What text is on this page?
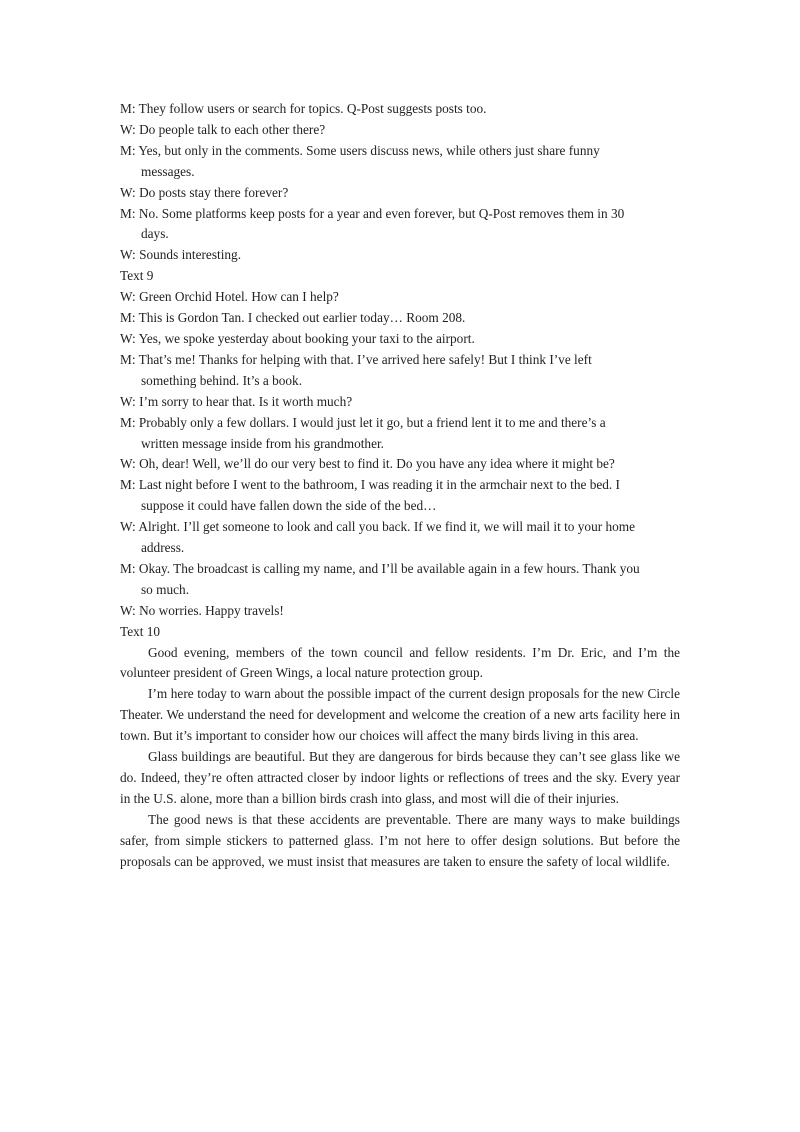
M: They follow users or search for topics. Q-Post suggests posts too.

W: Do people talk to each other there?

M: Yes, but only in the comments. Some users discuss news, while others just share funny
messages.

W: Do posts stay there forever?

M: No. Some platforms keep posts for a year and even forever, but Q-Post removes them in 30
days.

W: Sounds interesting.

Text 9

W: Green Orchid Hotel. How can I help?

M: This is Gordon Tan. I checked out earlier today… Room 208.

W: Yes, we spoke yesterday about booking your taxi to the airport.

M: That’s me! Thanks for helping with that. I’ve arrived here safely! But I think I’ve left
something behind. It’s a book.

W: I’m sorry to hear that. Is it worth much?

M: Probably only a few dollars. I would just let it go, but a friend lent it to me and there’s a
written message inside from his grandmother.

W: Oh, dear! Well, we’ll do our very best to find it. Do you have any idea where it might be?

M: Last night before I went to the bathroom, I was reading it in the armchair next to the bed. I
suppose it could have fallen down the side of the bed…

W: Alright. I’ll get someone to look and call you back. If we find it, we will mail it to your home
address.

M: Okay. The broadcast is calling my name, and I’ll be available again in a few hours. Thank you
so much.

W: No worries. Happy travels!

Text 10

Good evening, members of the town council and fellow residents. I’m Dr. Eric, and I’m the volunteer president of Green Wings, a local nature protection group.

I’m here today to warn about the possible impact of the current design proposals for the new Circle Theater. We understand the need for development and welcome the creation of a new arts facility here in town. But it’s important to consider how our choices will affect the many birds living in this area.

Glass buildings are beautiful. But they are dangerous for birds because they can’t see glass like we do. Indeed, they’re often attracted closer by indoor lights or reflections of trees and the sky. Every year in the U.S. alone, more than a billion birds crash into glass, and most will die of their injuries.

The good news is that these accidents are preventable. There are many ways to make buildings safer, from simple stickers to patterned glass. I’m not here to offer design solutions. But before the proposals can be approved, we must insist that measures are taken to ensure the safety of local wildlife.
